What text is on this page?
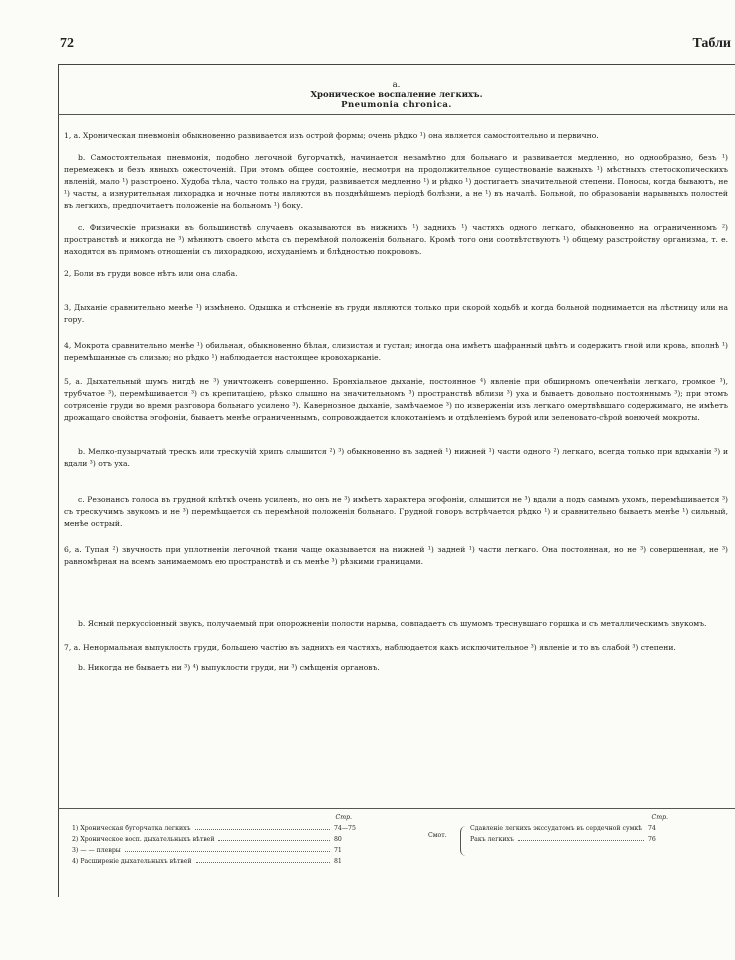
72	Табли
a.
Хроническое воспаление легкихъ.
Pneumonia chronica.

1, a. Хроническая пневмонія обыкновенно развивается изъ острой формы; очень рѣдко ¹) она является самостоятельно и первично.

b. Самостоятельная пневмонія, подобно легочной бугорчаткѣ, начинается незамѣтно для больнаго и развивается медленно, но однообразно, безъ ¹) перемежекъ и безъ явныхъ ожесточеній. При этомъ общее состояніе, несмотря на продолжительное существованіе важныхъ ¹) мѣстныхъ стетоскопическихъ явленій, мало ¹) разстроено. Худоба тѣла, часто только на груди, развивается медленно ¹) и рѣдко ¹) достигаетъ значительной степени. Поносы, когда бываютъ, не ¹) часты, а изнурительная лихорадка и ночные поты являются въ позднѣйшемъ періодѣ болѣзни, а не ¹) въ началѣ. Больной, по образованіи нарывныхъ полостей въ легкихъ, предпочитаетъ положеніе на больномъ ¹) боку.

c. Физическіе признаки въ большинствѣ случаевъ оказываются въ нижнихъ ¹) заднихъ ¹) частяхъ одного легкаго, обыкновенно на ограниченномъ ²) пространствѣ и никогда не ³) мѣняютъ своего мѣста съ перемѣной положенія больнаго. Кромѣ того они соотвѣтствуютъ ¹) общему разстройству организма, т. е. находятся въ прямомъ отношеніи съ лихорадкою, исхуданіемъ и блѣдностью покрововъ.

2, Боли въ груди вовсе нѣтъ или она слаба.

3, Дыханіе сравнительно менѣе ¹) измѣнено. Одышка и стѣсненіе въ груди являются только при скорой ходьбѣ и когда больной поднимается на лѣстницу или на гору.

4, Мокрота сравнительно менѣе ¹) обильная, обыкновенно бѣлая, слизистая и густая; иногда она имѣетъ шафранный цвѣтъ и содержитъ гной или кровь, вполнѣ ¹) перемѣшанные съ слизью; но рѣдко ¹) наблюдается настоящее кровохарканіе.

5, a. Дыхательный шумъ нигдѣ не ³) уничтоженъ совершенно. Бронхіальное дыханіе, постоянное ⁴) явленіе при обширномъ опеченѣніи легкаго, громкое ³), трубчатое ³), перемѣшивается ³) съ крепитаціею, рѣзко слышно на значительномъ ³) пространствѣ вблизи ³) уха и бываетъ довольно постояннымъ ³); при этомъ сотрясеніе груди во время разговора больнаго усилено ³). Кавернозное дыханіе, замѣчаемое ³) по изверженіи изъ легкаго омертвѣвшаго содержимаго, не имѣетъ дрожащаго свойства эгофоніи, бываетъ менѣе ограниченнымъ, сопровождается клокотаніемъ и отдѣленіемъ бурой или зеленовато-сѣрой вонючей мокроты.

b. Мелко-пузырчатый трескъ или трескучій хрипъ слышится ²) ³) обыкновенно въ задней ¹) нижней ¹) части одного ²) легкаго, всегда только при вдыханіи ³) и вдали ³) отъ уха.

c. Резонансъ голоса въ грудной клѣткѣ очень усиленъ, но онъ не ³) имѣетъ характера эгофоніи, слышится не ³) вдали а подъ самымъ ухомъ, перемѣшивается ³) съ трескучимъ звукомъ и не ³) перемѣщается съ перемѣной положенія больнаго. Грудной говоръ встрѣчается рѣдко ¹) и сравнительно бываетъ менѣе ¹) сильный, менѣе острый.

6, a. Тупая ²) звучность при уплотненіи легочной ткани чаще оказывается на нижней ¹) задней ¹) части легкаго. Она постоянная, но не ³) совершенная, не ³) равномѣрная на всемъ занимаемомъ ею пространствѣ и съ менѣе ³) рѣзкими границами.

b. Ясный перкуссіонный звукъ, получаемый при опорожненіи полости нарыва, совпадаетъ съ шумомъ треснувшаго горшка и съ металлическимъ звукомъ.

7, a. Ненормальная выпуклость груди, большею частію въ заднихъ ея частяхъ, наблюдается какъ исключительное ³) явленіе и то въ слабой ³) степени.

b. Никогда не бываетъ ни ³) ⁴) выпуклости груди, ни ³) смѣщенія органовъ.

Стр.
1) Хроническая бугорчатка легкихъ	74—75
2) Хроническое восп. дыхательныхъ вѣтвей	80
3) — — плевры	71
4) Расширеніе дыхательныхъ вѣтвей	81
Смот.
Стр.
Сдавленіе легкихъ экссудатомъ въ сердечной сумкѣ 74
Ракъ легкихъ	76
